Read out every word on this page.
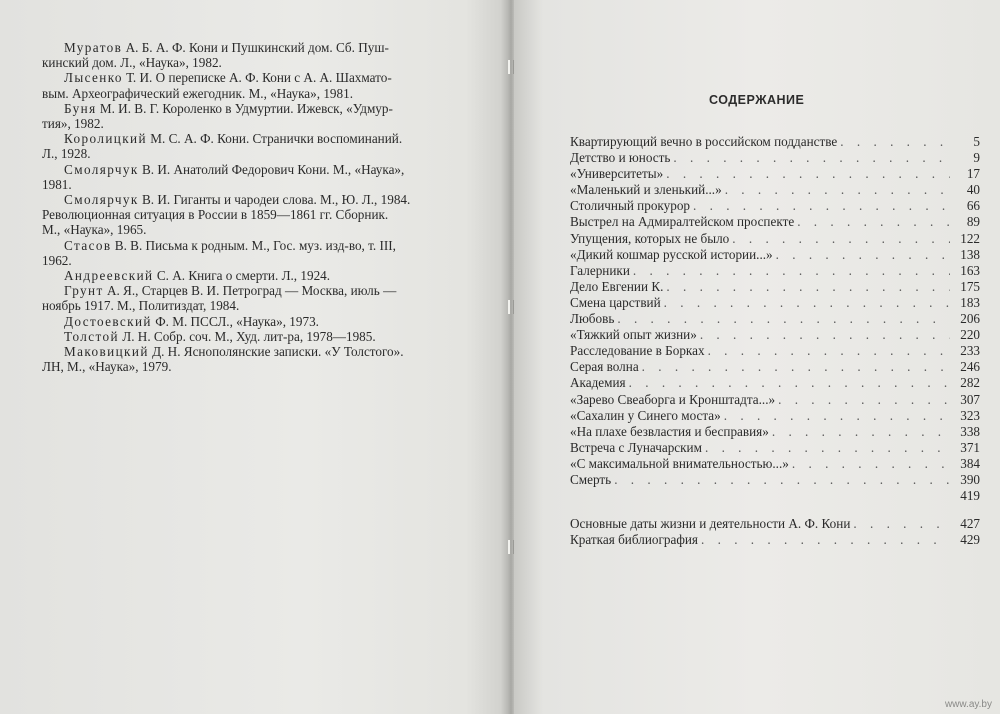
Муратов А. Б. А. Ф. Кони и Пушкинский дом. Сб. Пуш-
кинский дом. Л., «Наука», 1982.
Лысенко Т. И. О переписке А. Ф. Кони с А. А. Шахмато-
вым. Археографический ежегодник. М., «Наука», 1981.
Буня М. И. В. Г. Короленко в Удмуртии. Ижевск, «Удмур-
тия», 1982.
Королицкий М. С. А. Ф. Кони. Странички воспоминаний.
Л., 1928.
Смолярчук В. И. Анатолий Федорович Кони. М., «Наука»,
1981.
Смолярчук В. И. Гиганты и чародеи слова. М., Ю. Л., 1984.
Революционная ситуация в России в 1859—1861 гг. Сборник.
М., «Наука», 1965.
Стасов В. В. Письма к родным. М., Гос. муз. изд-во, т. III,
1962.
Андреевский С. А. Книга о смерти. Л., 1924.
Грунт А. Я., Старцев В. И. Петроград — Москва, июль —
ноябрь 1917. М., Политиздат, 1984.
Достоевский Ф. М. ПССЛ., «Наука», 1973.
Толстой Л. Н. Собр. соч. М., Худ. лит-ра, 1978—1985.
Маковицкий Д. Н. Яснополянские записки. «У Толстого».
ЛН, М., «Наука», 1979.
СОДЕРЖАНИЕ
Квартирующий вечно в российском подданстве . . .	5
Детство и юность . . .	9
«Университеты» . . .	17
«Маленький и зленький...» . . .	40
Столичный прокурор . . .	66
Выстрел на Адмиралтейском проспекте . . .	89
Упущения, которых не было . . .	122
«Дикий кошмар русской истории...» . . .	138
Галерники . . .	163
Дело Евгении К. . . .	175
Смена царствий . . .	183
Любовь . . .	206
«Тяжкий опыт жизни» . . .	220
Расследование в Борках . . .	233
Серая волна . . .	246
Академия . . .	282
«Зарево Свеаборга и Кронштадта...» . . .	307
«Сахалин у Синего моста» . . .	323
«На плахе безвластия и бесправия» . . .	338
Встреча с Луначарским . . .	371
«С максимальной внимательностью...» . . .	384
Смерть . . .	390
419
Основные даты жизни и деятельности А. Ф. Кони . . .	427
Краткая библиография . . .	429
www.ay.by
